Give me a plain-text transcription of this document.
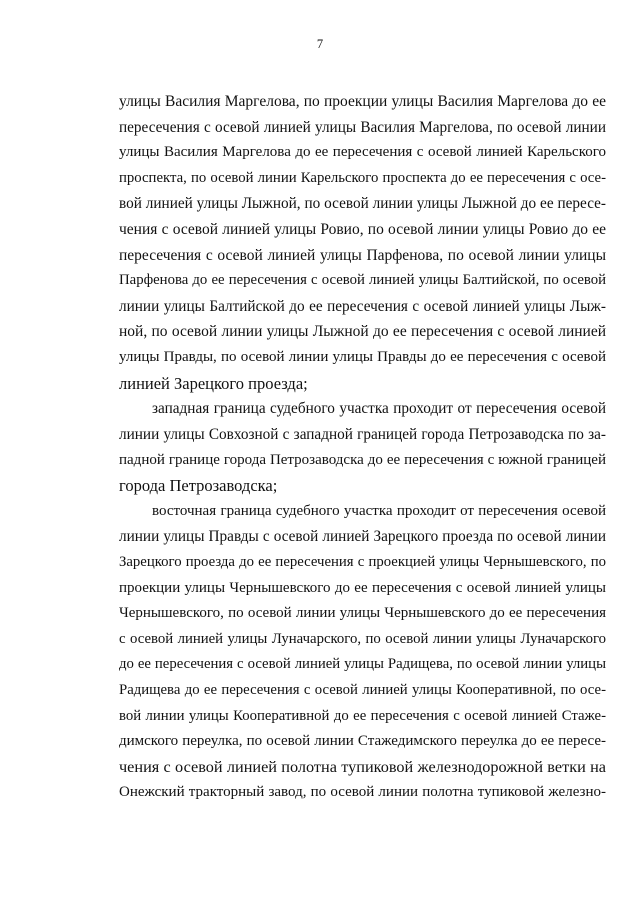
7
улицы Василия Маргелова, по проекции улицы Василия Маргелова до ее
пересечения с осевой линией улицы Василия Маргелова, по осевой линии
улицы Василия Маргелова до ее пересечения с осевой линией Карельского
проспекта, по осевой линии Карельского проспекта до ее пересечения с осе-
вой линией улицы Лыжной, по осевой линии улицы Лыжной до ее пересе-
чения с осевой линией улицы Ровио, по осевой линии улицы Ровио до ее
пересечения с осевой линией улицы Парфенова, по осевой линии улицы
Парфенова до ее пересечения с осевой линией улицы Балтийской, по осевой
линии улицы Балтийской до ее пересечения с осевой линией улицы Лыж-
ной, по осевой линии улицы Лыжной до ее пересечения с осевой линией
улицы Правды, по осевой линии улицы Правды до ее пересечения с осевой
линией Зарецкого проезда;
западная граница судебного участка проходит от пересечения осевой
линии улицы Совхозной с западной границей города Петрозаводска по за-
падной границе города Петрозаводска до ее пересечения с южной границей
города Петрозаводска;
восточная граница судебного участка проходит от пересечения осевой
линии улицы Правды с осевой линией Зарецкого проезда по осевой линии
Зарецкого проезда до ее пересечения с проекцией улицы Чернышевского, по
проекции улицы Чернышевского до ее пересечения с осевой линией улицы
Чернышевского, по осевой линии улицы Чернышевского до ее пересечения
с осевой линией улицы Луначарского, по осевой линии улицы Луначарского
до ее пересечения с осевой линией улицы Радищева, по осевой линии улицы
Радищева до ее пересечения с осевой линией улицы Кооперативной, по осе-
вой линии улицы Кооперативной до ее пересечения с осевой линией Стаже-
димского переулка, по осевой линии Стажедимского переулка до ее пересе-
чения с осевой линией полотна тупиковой железнодорожной ветки на
Онежский тракторный завод, по осевой линии полотна тупиковой железно-
